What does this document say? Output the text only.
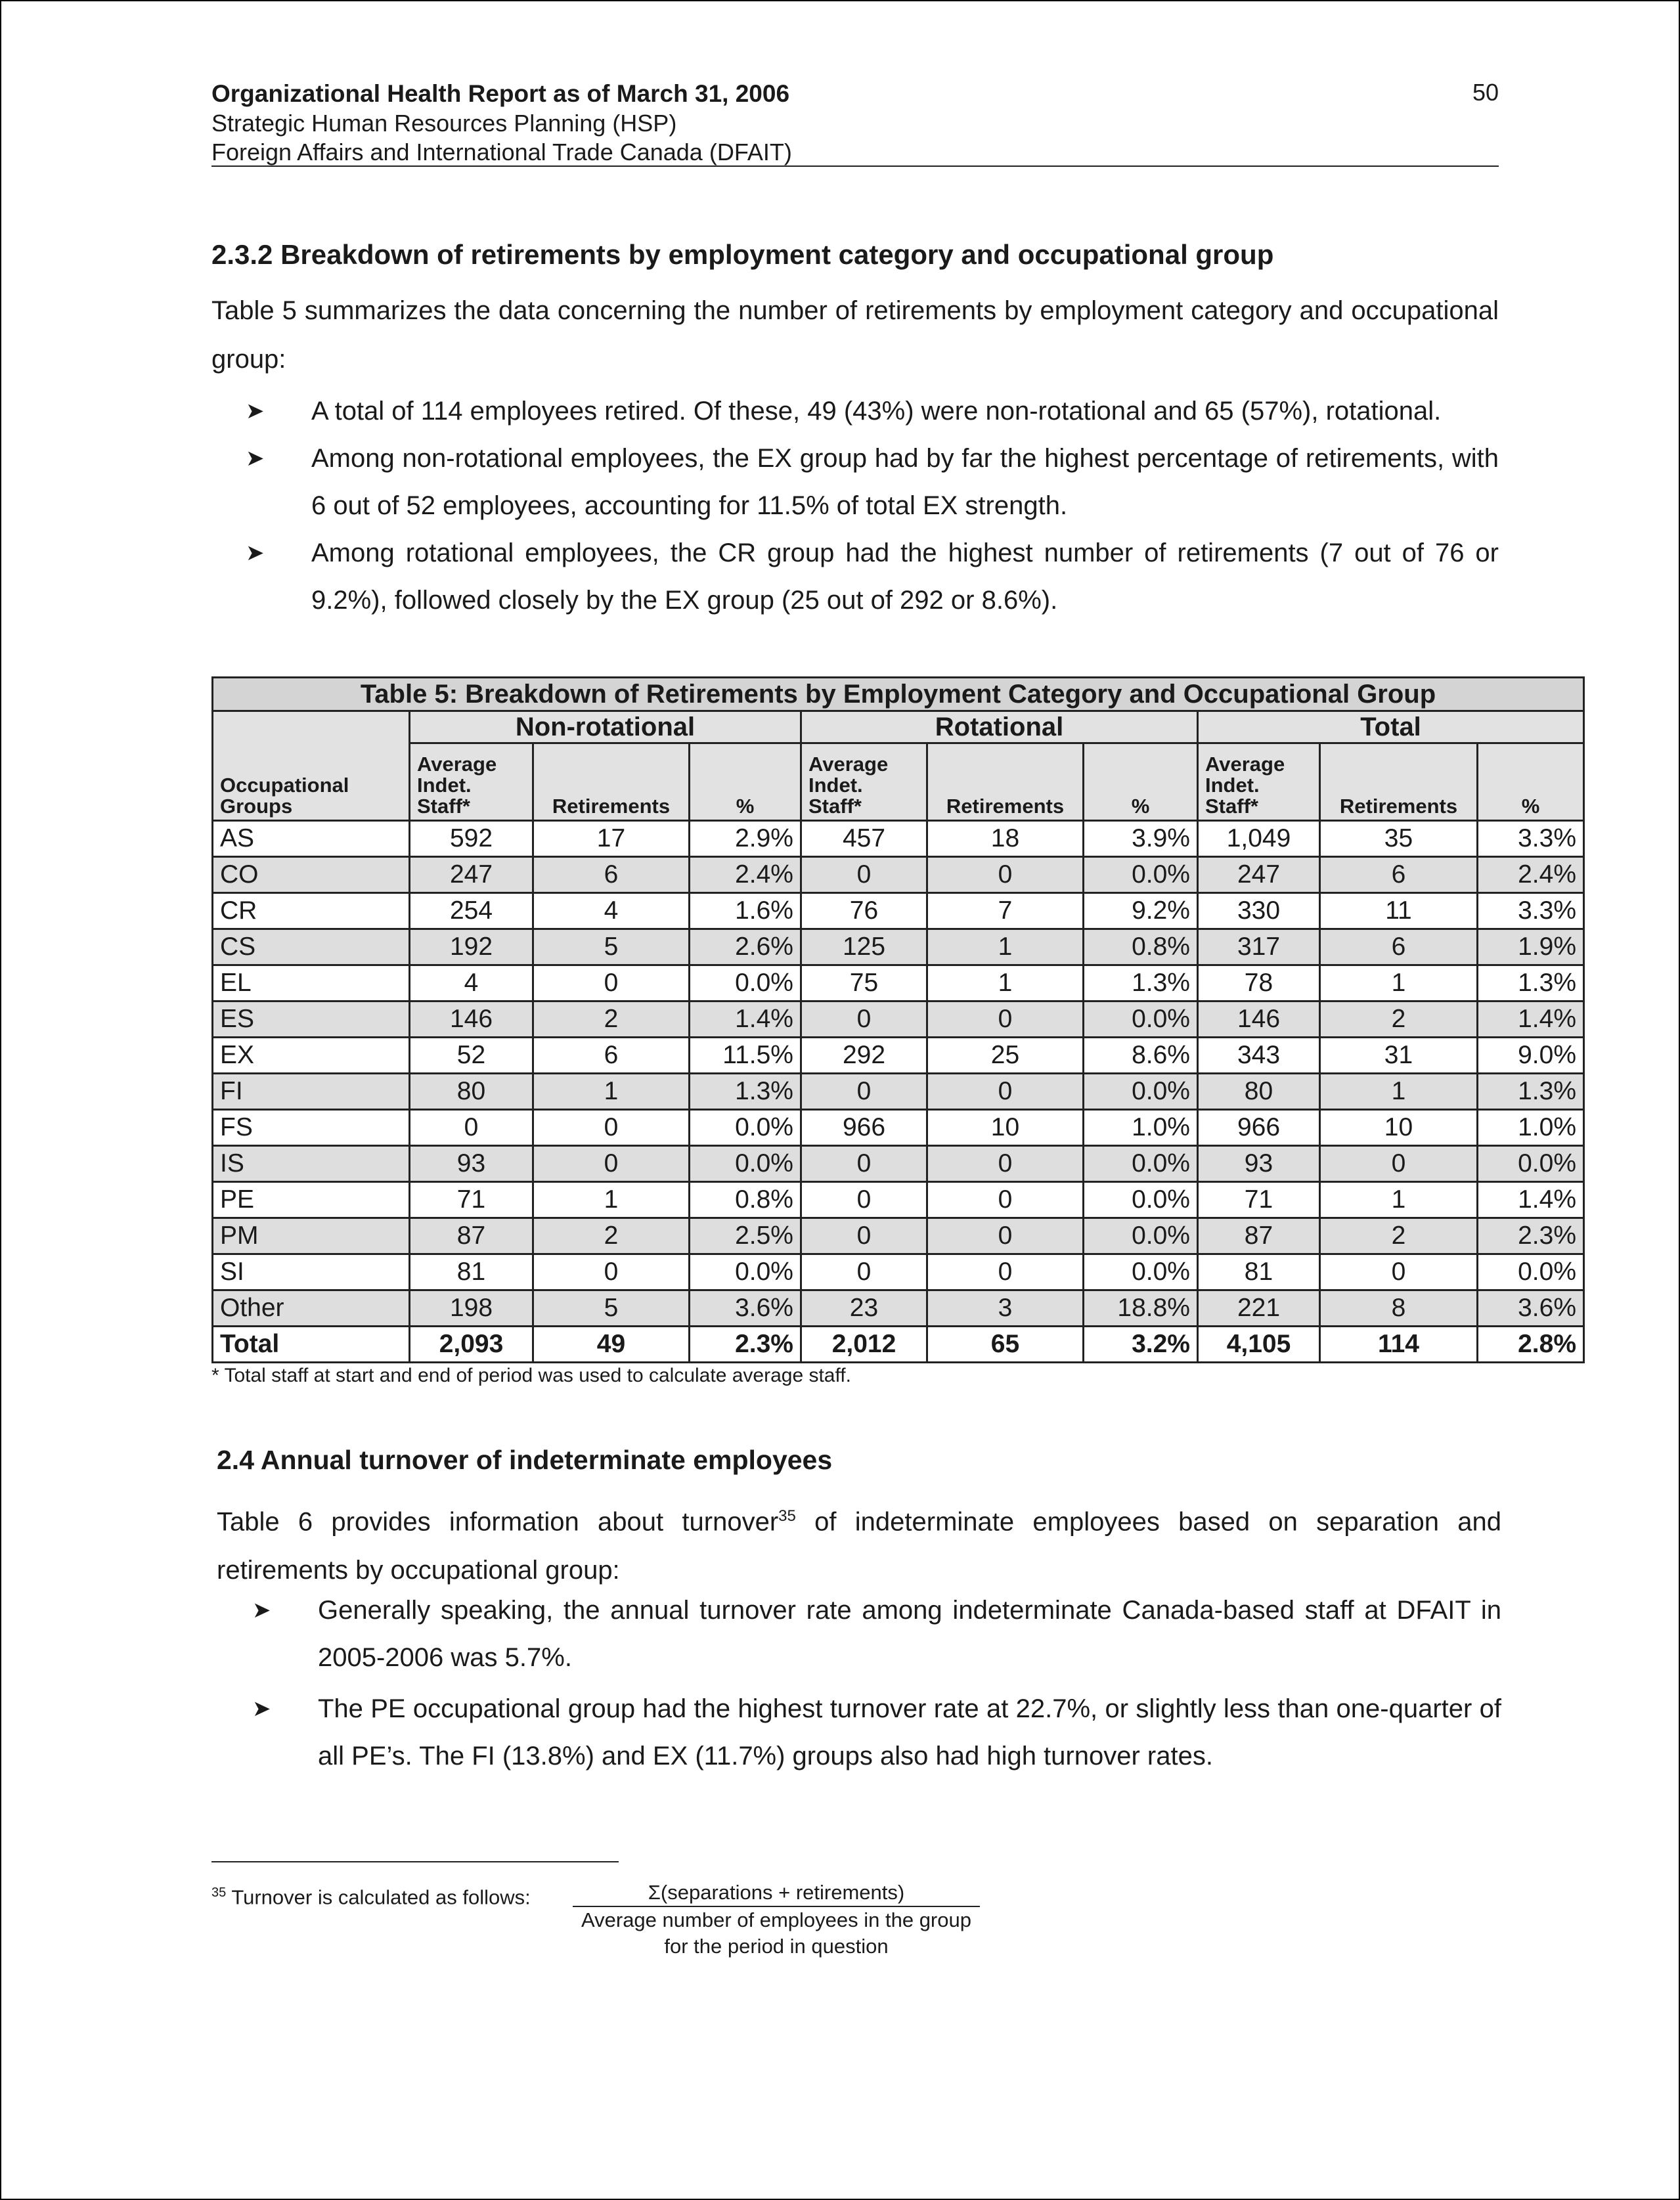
Organizational Health Report as of March 31, 2006
Strategic Human Resources Planning (HSP)
Foreign Affairs and International Trade Canada (DFAIT)
50
2.3.2 Breakdown of retirements by employment category and occupational group
Table 5 summarizes the data concerning the number of retirements by employment category and occupational group:
➤ A total of 114 employees retired. Of these, 49 (43%) were non-rotational and 65 (57%), rotational.
➤ Among non-rotational employees, the EX group had by far the highest percentage of retirements, with 6 out of 52 employees, accounting for 11.5% of total EX strength.
➤ Among rotational employees, the CR group had the highest number of retirements (7 out of 76 or 9.2%), followed closely by the EX group (25 out of 292 or 8.6%).
Table 5: Breakdown of Retirements by Employment Category and Occupational Group									
Occupational Groups	Non-rotational			Rotational			Total		
	Average Indet. Staff*	Retirements	%	Average Indet. Staff*	Retirements	%	Average Indet. Staff*	Retirements	%
AS	592	17	2.9%	457	18	3.9%	1,049	35	3.3%
CO	247	6	2.4%	0	0	0.0%	247	6	2.4%
CR	254	4	1.6%	76	7	9.2%	330	11	3.3%
CS	192	5	2.6%	125	1	0.8%	317	6	1.9%
EL	4	0	0.0%	75	1	1.3%	78	1	1.3%
ES	146	2	1.4%	0	0	0.0%	146	2	1.4%
EX	52	6	11.5%	292	25	8.6%	343	31	9.0%
FI	80	1	1.3%	0	0	0.0%	80	1	1.3%
FS	0	0	0.0%	966	10	1.0%	966	10	1.0%
IS	93	0	0.0%	0	0	0.0%	93	0	0.0%
PE	71	1	0.8%	0	0	0.0%	71	1	1.4%
PM	87	2	2.5%	0	0	0.0%	87	2	2.3%
SI	81	0	0.0%	0	0	0.0%	81	0	0.0%
Other	198	5	3.6%	23	3	18.8%	221	8	3.6%
Total	2,093	49	2.3%	2,012	65	3.2%	4,105	114	2.8%
* Total staff at start and end of period was used to calculate average staff.
2.4 Annual turnover of indeterminate employees
Table 6 provides information about turnover$^{35}$ of indeterminate employees based on separation and retirements by occupational group:
➤ Generally speaking, the annual turnover rate among indeterminate Canada-based staff at DFAIT in 2005-2006 was 5.7%.
➤ The PE occupational group had the highest turnover rate at 22.7%, or slightly less than one-quarter of all PE’s. The FI (13.8%) and EX (11.7%) groups also had high turnover rates.
$^{35}$ Turnover is calculated as follows:	Σ(separations + retirements)
Average number of employees in the group
for the period in question
